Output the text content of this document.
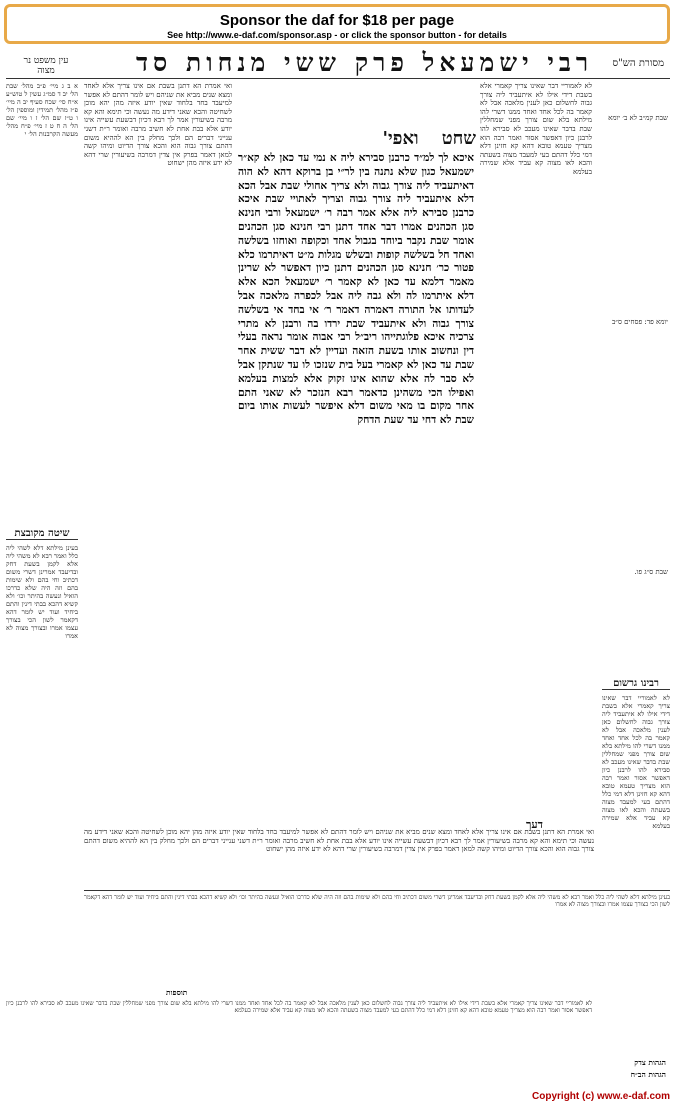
Sponsor the daf for $18 per page
See http://www.e-daf.com/sponsor.asp - or click the sponsor button - for details
מסורת הש"ס
רבי ישמעאל פרק ששי מנחות סד
עין משפט נר מצוה
א ב ג מיי׳ פ״ב מהל׳ שבת הל׳ יב ד סמ״ג עשין ל טוש״ע א״ח סי׳ שכח סעיף יב ה מיי׳ פ״ז מהל׳ תמידין ומוספין הל׳ ו ט״ז שם הל׳ ז ו מיי׳ שם הל׳ ה ח ט ז מיי׳ פ״ח מהל׳ מעשה הקרבנות הל׳ י
ואי אמרת הא דתנן בשבת אם אינו צריך אלא לאחד ומצא שנים מביא את שניהם ויש לומר דהתם לא אפשר למיעבד בחד בלחוד שאין יודע איזה מהן יהא מוכן לשחיטה והכא שאני דידע מה נעשה וכי תימא והא קא מרבה בשיעורין אמר לך רבא דכיון דבשעת עשייה אינו יודע אלא בבת אחת לא חשיב מרבה ואומר ר״ת דשני ענייני דברים הם ולכך מחלק בין הא לההיא משום דהתם צורך גבוה הוא והכא צורך הדיוט ומיהו קשה למאן דאמר בפרק אין צדין דמרבה בשיעורין שרי דהא לא ידע איזה מהן ישחוט
שיטה מקובצת
בעינן מילתא דלא לשהי ליה כלל ואמר רבא לא משהי ליה אלא לקמן בשעת דחק ובדיעבד אמרינן דשרי משום דכתיב וחי בהם ולא שימות בהם וזה היה שלא כדרכו הואיל ונעשה בהיתר וכו׳ ולא קשיא דהכא בבתי דינין והתם ביחיד ועוד יש לומר דהא דקאמר לשון הכי בצורך עצמו אמרו ובצורך מצוה לא אמרו
שחט ואפי'
איכא לך למ״ד כרבנן סבירא ליה א נמי עד כאן לא קא״ר ישמעאל כגון שלא נתנה בין לר״י בן ברוקא דהא לא הוה דאיתעביד ליה צורך גבוה ולא צריך אחולי שבת אבל הכא דלא איתעביד ליה צורך גבוה וצריך לאתויי שבת איכא כרבנן סבירא ליה אלא אמר רבה ר׳ ישמעאל ורבי חנינא סגן הכהנים אמרו דבר אחד דתנן רבי חנינא סגן הכהנים אומר שבת נקבר ביוחד בגבול אחד וכקופה ואוחזו בשלשה ואחד חל בשלשה קופות ובשלש מגלות מ״ט דאיתרמו כלא פטור כר׳ חנינא סגן הכהנים דתנן כיון דאפשר לא שרינן מאמר דלמא עד כאן לא קאמר ר׳ ישמעאל הכא אלא דלא איתרמו לה ולא גבה ליה אבל לכפרה מלאכה אבל לעדותו אל התורה דאמרה דאמר ר׳ אי בחד אי בשלשה צורך גבוה ולא איתעביד שבת ירדו בה ורבנן לא מתרי צרכיה איכא פלוגתייהו ריב״ל רבי אבוה אומר נראה בעלי דין ונחשוב אותו בשעת הזאה ועדיין לא דבר ששית אחר שבת עד כאן לא קאמרי בעל בית שנזכו לו עד שנתקן אבל לא סבר לה אלא שהוא אינו זקוק אלא למצות בעלמא ואפילו הכי משהינן כדאמר רבא הנזכר לא שאני התם אחר מקום בו מאי משום דלא איפשר לעשות אותו ביום שבת לא דחי עד שעת הדחק
דעך
לא לאמוריי דבר שאינו צריך קאמרי אלא בשבת דידי אילו לא איתעביד ליה צורך גבוה לחשלום כאן לענין מלאכה אבל לא קאמר בה לכל אחד ואחד ממנו דשרי להו מילתא בלא שום צורך מפני שמחללין שבת בדבר שאינו מעכב לא סבירא להו לרבנן כיון דאפשר אסור ואמר רבה הוא מצריך טעמא טובא דהא קא חזינן דלא דמי כלל דהתם בעי למעבד מצוה בשעתה והכא לאו מצוה קא עביד אלא שמירה בעלמא
שבת קמ״ב לא ב׳ יומא
יומא פד: פסחים ס״ב
שבת ס״ג פו.
רבינו גרשום
לא לאמוריי דבר שאינו צריך קאמרי אלא בשבת דידי אילו לא איתעביד ליה צורך גבוה לחשלום כאן לענין מלאכה אבל לא קאמר בה לכל אחד ואחד ממנו דשרי להו מילתא בלא שום צורך מפני שמחללין שבת בדבר שאינו מעכב לא סבירא להו לרבנן כיון דאפשר אסור ואמר רבה הוא מצריך טעמא טובא דהא קא חזינן דלא דמי כלל דהתם בעי למעבד מצוה בשעתה והכא לאו מצוה קא עביד אלא שמירה בעלמא
ואי אמרת הא דתנן בשבת אם אינו צריך אלא לאחד ומצא שנים מביא את שניהם ויש לומר דהתם לא אפשר למיעבד בחד בלחוד שאין יודע איזה מהן יהא מוכן לשחיטה והכא שאני דידע מה נעשה וכי תימא והא קא מרבה בשיעורין אמר לך רבא דכיון דבשעת עשייה אינו יודע אלא בבת אחת לא חשיב מרבה ואומר ר״ת דשני ענייני דברים הם ולכך מחלק בין הא לההיא משום דהתם צורך גבוה הוא והכא צורך הדיוט ומיהו קשה למאן דאמר בפרק אין צדין דמרבה בשיעורין שרי דהא לא ידע איזה מהן ישחוט
בעינן מילתא דלא לשהי ליה כלל ואמר רבא לא משהי ליה אלא לקמן בשעת דחק ובדיעבד אמרינן דשרי משום דכתיב וחי בהם ולא שימות בהם וזה היה שלא כדרכו הואיל ונעשה בהיתר וכו׳ ולא קשיא דהכא בבתי דינין והתם ביחיד ועוד יש לומר דהא דקאמר לשון הכי בצורך עצמו אמרו ובצורך מצוה לא אמרו
תוספות
לא לאמוריי דבר שאינו צריך קאמרי אלא בשבת דידי אילו לא איתעביד ליה צורך גבוה לחשלום כאן לענין מלאכה אבל לא קאמר בה לכל אחד ואחד ממנו דשרי להו מילתא בלא שום צורך מפני שמחללין שבת בדבר שאינו מעכב לא סבירא להו לרבנן כיון דאפשר אסור ואמר רבה הוא מצריך טעמא טובא דהא קא חזינן דלא דמי כלל דהתם בעי למעבד מצוה בשעתה והכא לאו מצוה קא עביד אלא שמירה בעלמא
הגהות צדק
הגהות הב״ח
Copyright (c) www.e-daf.com
